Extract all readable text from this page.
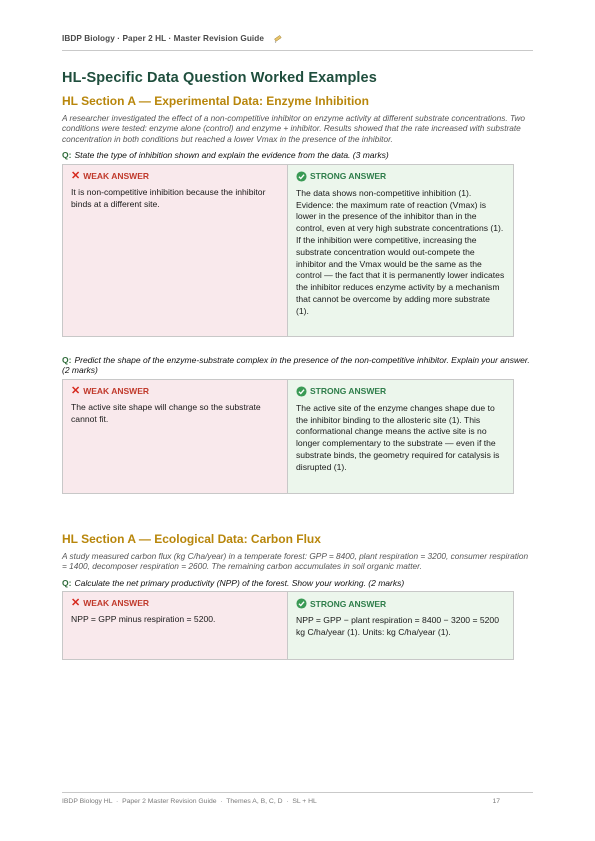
IBDP Biology · Paper 2 HL · Master Revision Guide
HL-Specific Data Question Worked Examples
HL Section A — Experimental Data: Enzyme Inhibition
A researcher investigated the effect of a non-competitive inhibitor on enzyme activity at different substrate concentrations. Two conditions were tested: enzyme alone (control) and enzyme + inhibitor. Results showed that the rate increased with substrate concentration in both conditions but reached a lower Vmax in the presence of the inhibitor.
Q: State the type of inhibition shown and explain the evidence from the data. (3 marks)
✕ WEAK ANSWER
It is non-competitive inhibition because the inhibitor binds at a different site.
STRONG ANSWER
The data shows non-competitive inhibition (1). Evidence: the maximum rate of reaction (Vmax) is lower in the presence of the inhibitor than in the control, even at very high substrate concentrations (1). If the inhibition were competitive, increasing the substrate concentration would out-compete the inhibitor and the Vmax would be the same as the control — the fact that it is permanently lower indicates the inhibitor reduces enzyme activity by a mechanism that cannot be overcome by adding more substrate (1).
Q: Predict the shape of the enzyme-substrate complex in the presence of the non-competitive inhibitor. Explain your answer. (2 marks)
✕ WEAK ANSWER
The active site shape will change so the substrate cannot fit.
STRONG ANSWER
The active site of the enzyme changes shape due to the inhibitor binding to the allosteric site (1). This conformational change means the active site is no longer complementary to the substrate — even if the substrate binds, the geometry required for catalysis is disrupted (1).
HL Section A — Ecological Data: Carbon Flux
A study measured carbon flux (kg C/ha/year) in a temperate forest: GPP = 8400, plant respiration = 3200, consumer respiration = 1400, decomposer respiration = 2600. The remaining carbon accumulates in soil organic matter.
Q: Calculate the net primary productivity (NPP) of the forest. Show your working. (2 marks)
✕ WEAK ANSWER
NPP = GPP minus respiration = 5200.
STRONG ANSWER
NPP = GPP − plant respiration = 8400 − 3200 = 5200 kg C/ha/year (1). Units: kg C/ha/year (1).
IBDP Biology HL · Paper 2 Master Revision Guide · Themes A, B, C, D · SL + HL	17
